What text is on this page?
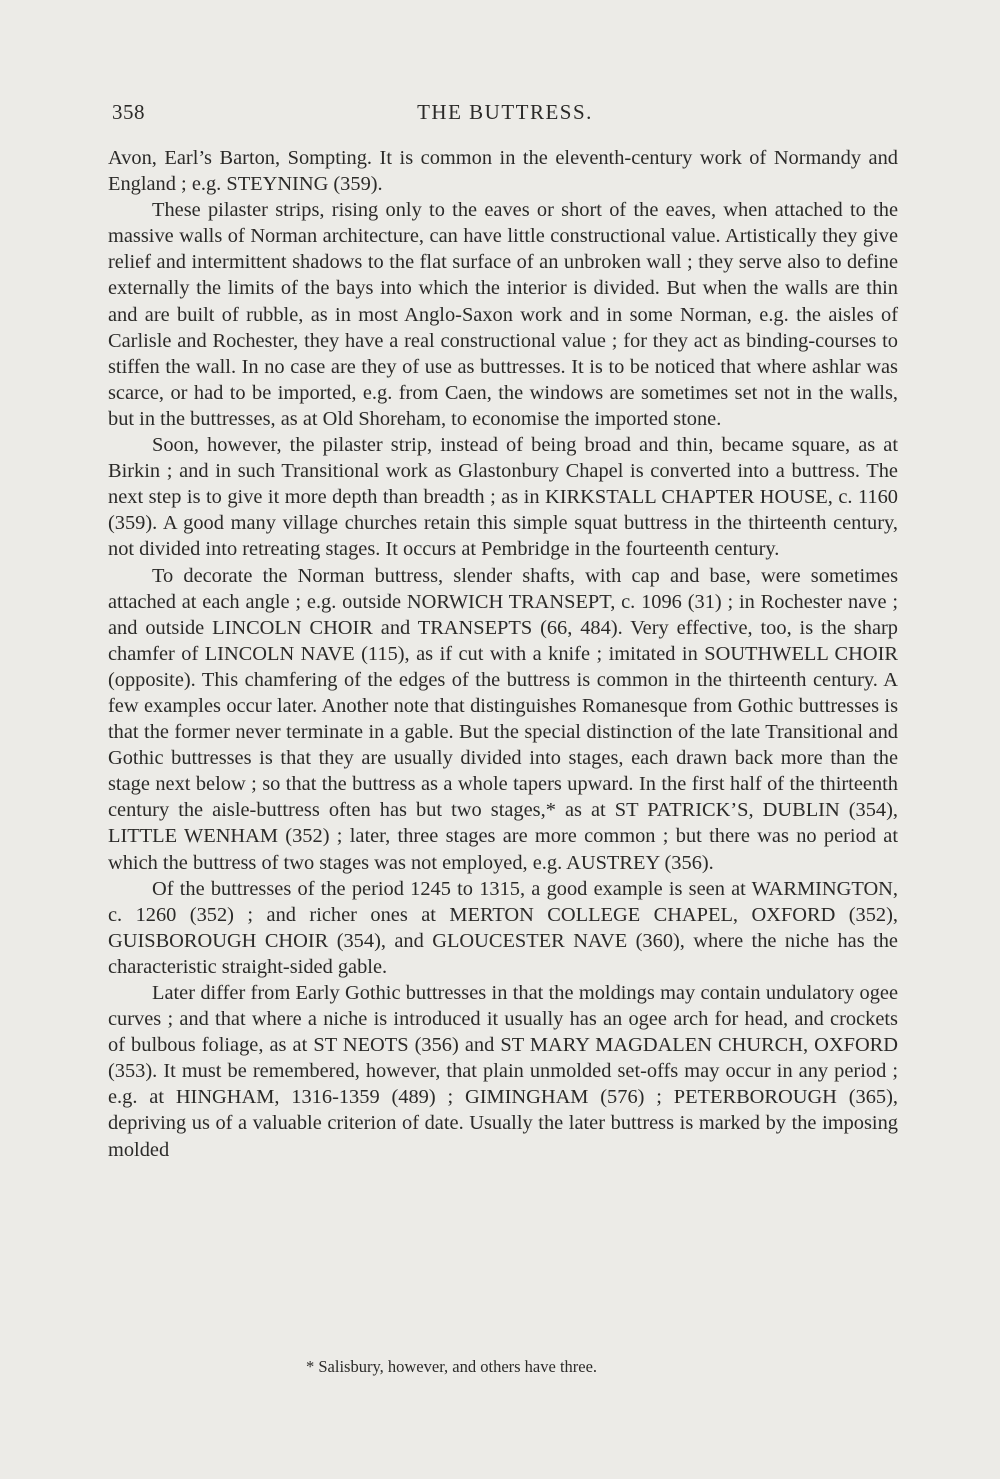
358	THE BUTTRESS.

Avon, Earl’s Barton, Sompting. It is common in the eleventh-century work of Normandy and England ; e.g. STEYNING (359).

These pilaster strips, rising only to the eaves or short of the eaves, when attached to the massive walls of Norman architecture, can have little constructional value. Artistically they give relief and intermittent shadows to the flat surface of an unbroken wall ; they serve also to define externally the limits of the bays into which the interior is divided. But when the walls are thin and are built of rubble, as in most Anglo-Saxon work and in some Norman, e.g. the aisles of Carlisle and Rochester, they have a real constructional value ; for they act as binding-courses to stiffen the wall. In no case are they of use as buttresses. It is to be noticed that where ashlar was scarce, or had to be imported, e.g. from Caen, the windows are sometimes set not in the walls, but in the buttresses, as at Old Shoreham, to economise the imported stone.

Soon, however, the pilaster strip, instead of being broad and thin, became square, as at Birkin ; and in such Transitional work as Glastonbury Chapel is converted into a buttress. The next step is to give it more depth than breadth ; as in KIRKSTALL CHAPTER HOUSE, c. 1160 (359). A good many village churches retain this simple squat buttress in the thirteenth century, not divided into retreating stages. It occurs at Pembridge in the fourteenth century.

To decorate the Norman buttress, slender shafts, with cap and base, were sometimes attached at each angle ; e.g. outside NORWICH TRANSEPT, c. 1096 (31) ; in Rochester nave ; and outside LINCOLN CHOIR and TRANSEPTS (66, 484). Very effective, too, is the sharp chamfer of LINCOLN NAVE (115), as if cut with a knife ; imitated in SOUTHWELL CHOIR (opposite). This chamfering of the edges of the buttress is common in the thirteenth century. A few examples occur later. Another note that distinguishes Romanesque from Gothic buttresses is that the former never terminate in a gable. But the special distinction of the late Transitional and Gothic buttresses is that they are usually divided into stages, each drawn back more than the stage next below ; so that the buttress as a whole tapers upward. In the first half of the thirteenth century the aisle-buttress often has but two stages,* as at ST PATRICK’S, DUBLIN (354), LITTLE WENHAM (352) ; later, three stages are more common ; but there was no period at which the buttress of two stages was not employed, e.g. AUSTREY (356).

Of the buttresses of the period 1245 to 1315, a good example is seen at WARMINGTON, c. 1260 (352) ; and richer ones at MERTON COLLEGE CHAPEL, OXFORD (352), GUISBOROUGH CHOIR (354), and GLOUCESTER NAVE (360), where the niche has the characteristic straight-sided gable.

Later differ from Early Gothic buttresses in that the moldings may contain undulatory ogee curves ; and that where a niche is introduced it usually has an ogee arch for head, and crockets of bulbous foliage, as at ST NEOTS (356) and ST MARY MAGDALEN CHURCH, OXFORD (353). It must be remembered, however, that plain unmolded set-offs may occur in any period ; e.g. at HINGHAM, 1316-1359 (489) ; GIMINGHAM (576) ; PETERBOROUGH (365), depriving us of a valuable criterion of date. Usually the later buttress is marked by the imposing molded

* Salisbury, however, and others have three.
